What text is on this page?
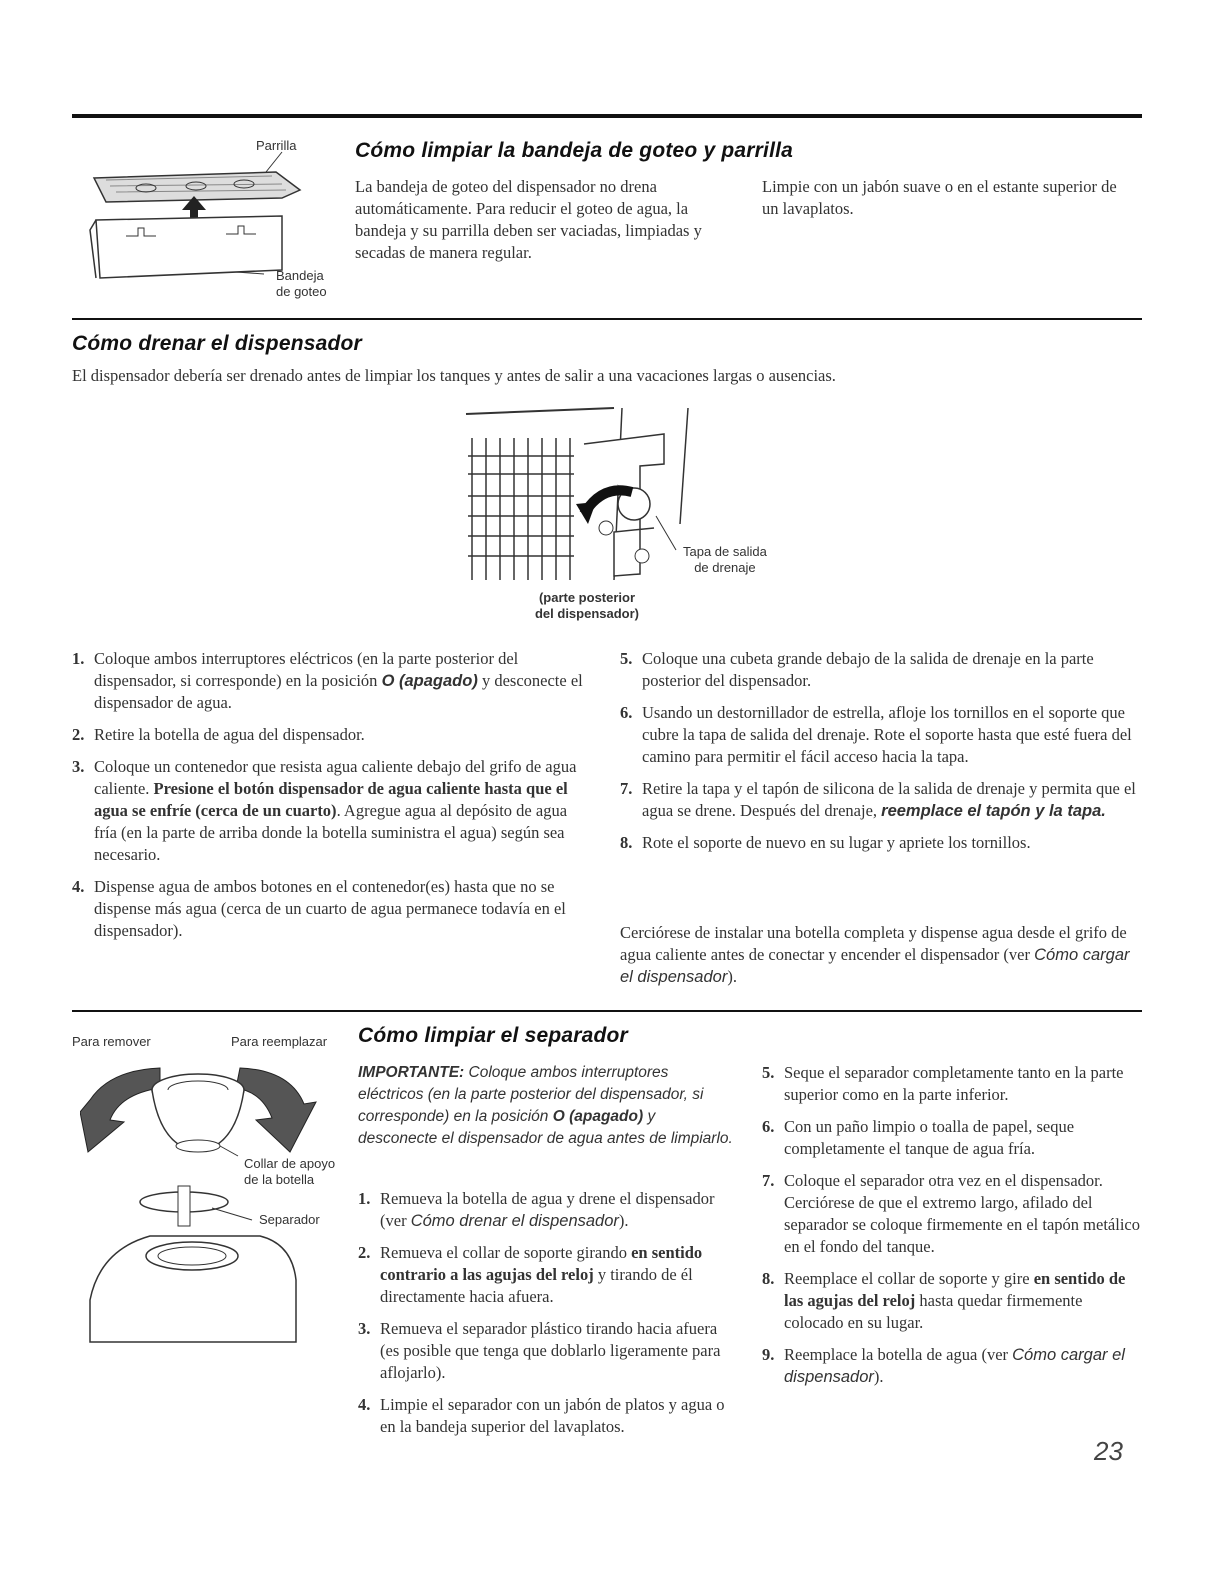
Parrilla
Bandeja
de goteo
Cómo limpiar la bandeja de goteo y parrilla

La bandeja de goteo del dispensador no drena automáticamente. Para reducir el goteo de agua, la bandeja y su parrilla deben ser vaciadas, limpiadas y secadas de manera regular.

Limpie con un jabón suave o en el estante superior de un lavaplatos.

Cómo drenar el dispensador

El dispensador debería ser drenado antes de limpiar los tanques y antes de salir a una vacaciones largas o ausencias.

Tapa de salida
de drenaje
(parte posterior
del dispensador)
1. Coloque ambos interruptores eléctricos (en la parte posterior del dispensador, si corresponde) en la posición O (apagado) y desconecte el dispensador de agua.
2. Retire la botella de agua del dispensador.
3. Coloque un contenedor que resista agua caliente debajo del grifo de agua caliente. Presione el botón dispensador de agua caliente hasta que el agua se enfríe (cerca de un cuarto). Agregue agua al depósito de agua fría (en la parte de arriba donde la botella suministra el agua) según sea necesario.
4. Dispense agua de ambos botones en el contenedor(es) hasta que no se dispense más agua (cerca de un cuarto de agua permanece todavía en el dispensador).
5. Coloque una cubeta grande debajo de la salida de drenaje en la parte posterior del dispensador.
6. Usando un destornillador de estrella, afloje los tornillos en el soporte que cubre la tapa de salida del drenaje. Rote el soporte hasta que esté fuera del camino para permitir el fácil acceso hacia la tapa.
7. Retire la tapa y el tapón de silicona de la salida de drenaje y permita que el agua se drene. Después del drenaje, reemplace el tapón y la tapa.
8. Rote el soporte de nuevo en su lugar y apriete los tornillos.

Cerciórese de instalar una botella completa y dispense agua desde el grifo de agua caliente antes de conectar y encender el dispensador (ver Cómo cargar el dispensador).

Para remover	Para reemplazar
Collar de apoyo
de la botella
Separador
Cómo limpiar el separador

IMPORTANTE: Coloque ambos interruptores eléctricos (en la parte posterior del dispensador, si corresponde) en la posición O (apagado) y desconecte el dispensador de agua antes de limpiarlo.

1. Remueva la botella de agua y drene el dispensador (ver Cómo drenar el dispensador).
2. Remueva el collar de soporte girando en sentido contrario a las agujas del reloj y tirando de él directamente hacia afuera.
3. Remueva el separador plástico tirando hacia afuera (es posible que tenga que doblarlo ligeramente para aflojarlo).
4. Limpie el separador con un jabón de platos y agua o en la bandeja superior del lavaplatos.
5. Seque el separador completamente tanto en la parte superior como en la parte inferior.
6. Con un paño limpio o toalla de papel, seque completamente el tanque de agua fría.
7. Coloque el separador otra vez en el dispensador. Cerciórese de que el extremo largo, afilado del separador se coloque firmemente en el tapón metálico en el fondo del tanque.
8. Reemplace el collar de soporte y gire en sentido de las agujas del reloj hasta quedar firmemente colocado en su lugar.
9. Reemplace la botella de agua (ver Cómo cargar el dispensador).
23
